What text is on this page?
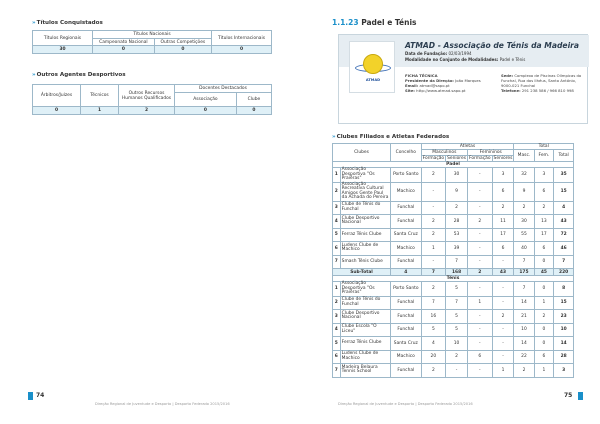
»Títulos Conquistados
Títulos Regionais	Títulos Nacionais		Títulos Internacionais
	Campeonato Nacional	Outras Competições	
30	0	0	0
»Outros Agentes Desportivos
Árbitros/Juízes	Técnicos	Outros Recursos Humanos Qualificados	Docentes Destacados	
			Associação	Clube
0	1	2	0	0
74
Direção Regional de Juventude e Desporto | Desporto Federado 2015/2016
1.1.23 Padel e Ténis
ATMAD
ATMAD - Associação de Ténis da Madeira
Data de Fundação: 02/03/1994
Modalidade no Conjunto de Modalidades: Padel e Ténis
FICHA TÉCNICA
Presidente da Direção: João Marques
Email: atmad@sapo.pt
Site: http://www.atmad.sapo.pt
Sede: Complexo de Piscinas Olímpicas do Funchal, Rua dos Ilhéus, Santo António, 9000-021 Funchal
Telefone: 291 238 586 / 966 810 998
»Clubes Filiados e Atletas Federados
Clubes		Concelho	Atletas				Total		
			Masculinos		Femininos		Masc.	Fem.	Total
			Formação	Seniores	Formação	Seniores			
Padel									
1	Associação Desportiva "Os Praiêras"	Porto Santo	2	30	-	3	32	3	35
2	Associação Recreativa Cultural Amigos Gente Paul da Achada do Pereira	Machico	-	9	-	6	9	6	15
3	Clube de Ténis do Funchal	Funchal	-	2	-	2	2	2	4
4	Clube Desportivo Nacional	Funchal	2	28	2	11	30	13	43
5	Ferraz Ténis Clube	Santa Cruz	2	53	-	17	55	17	72
6	Ludens Clube de Machico	Machico	1	39	-	6	40	6	46
7	Smash Ténis Clube	Funchal	-	7	-	-	7	0	7
Sub-Total		4	7	168	2	43	175	45	220
Ténis									
1	Associação Desportiva "Os Praiêras"	Porto Santo	2	5	-	-	7	0	8
2	Clube de Ténis do Funchal	Funchal	7	7	1	-	14	1	15
3	Clube Desportivo Nacional	Funchal	16	5	-	2	21	2	23
4	Clube Escola "O Liceu"	Funchal	5	5	-	-	10	0	10
5	Ferraz Ténis Clube	Santa Cruz	4	10	-	-	14	0	14
6	Ludens Clube de Machico	Machico	20	2	6	-	22	6	28
7	Madeira Belaura Tennis School	Funchal	2	-	-	1	2	1	3
75
Direção Regional de Juventude e Desporto | Desporto Federado 2015/2016
